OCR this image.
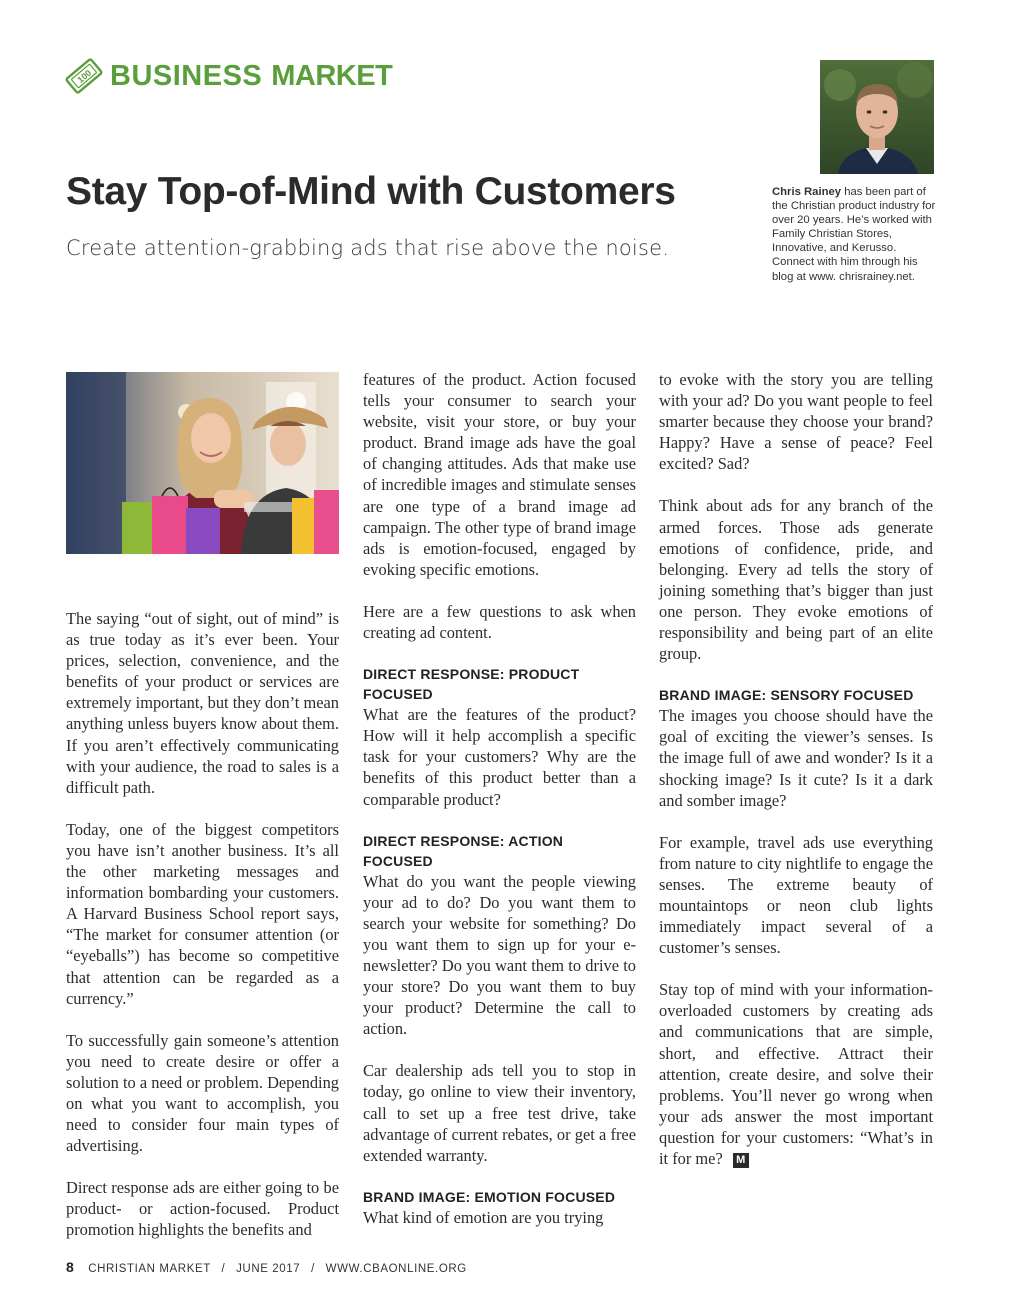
100 BUSINESS MARKET
Stay Top-of-Mind with Customers
Create attention-grabbing ads that rise above the noise.
Chris Rainey has been part of the Christian product industry for over 20 years. He’s worked with Family Christian Stores, Innovative, and Kerusso. Connect with him through his blog at www. chrisrainey.net.

The saying “out of sight, out of mind” is as true today as it’s ever been. Your prices, selection, convenience, and the benefits of your product or services are extremely important, but they don’t mean anything unless buyers know about them. If you aren’t effectively communicating with your audience, the road to sales is a difficult path.

Today, one of the biggest competitors you have isn’t another business. It’s all the other marketing messages and information bombarding your customers. A Harvard Business School report says, “The market for consumer attention (or “eyeballs”) has become so competitive that attention can be regarded as a currency.”

To successfully gain someone’s attention you need to create desire or offer a solution to a need or problem. Depending on what you want to accomplish, you need to consider four main types of advertising.

Direct response ads are either going to be product- or action-focused. Product promotion highlights the benefits and

features of the product. Action focused tells your consumer to search your website, visit your store, or buy your product. Brand image ads have the goal of changing attitudes. Ads that make use of incredible images and stimulate senses are one type of a brand image ad campaign. The other type of brand image ads is emotion-focused, engaged by evoking specific emotions.

Here are a few questions to ask when creating ad content.

DIRECT RESPONSE: PRODUCT FOCUSED

What are the features of the product? How will it help accomplish a specific task for your customers? Why are the benefits of this product better than a comparable product?

DIRECT RESPONSE: ACTION FOCUSED

What do you want the people viewing your ad to do? Do you want them to search your website for something? Do you want them to sign up for your e-newsletter? Do you want them to drive to your store? Do you want them to buy your product? Determine the call to action.

Car dealership ads tell you to stop in today, go online to view their inventory, call to set up a free test drive, take advantage of current rebates, or get a free extended warranty.

BRAND IMAGE: EMOTION FOCUSED

What kind of emotion are you trying

to evoke with the story you are telling with your ad? Do you want people to feel smarter because they choose your brand? Happy? Have a sense of peace? Feel excited? Sad?

Think about ads for any branch of the armed forces. Those ads generate emotions of confidence, pride, and belonging. Every ad tells the story of joining something that’s bigger than just one person. They evoke emotions of responsibility and being part of an elite group.

BRAND IMAGE: SENSORY FOCUSED

The images you choose should have the goal of exciting the viewer’s senses. Is the image full of awe and wonder? Is it a shocking image? Is it cute? Is it a dark and somber image?

For example, travel ads use everything from nature to city nightlife to engage the senses. The extreme beauty of mountaintops or neon club lights immediately impact several of a customer’s senses.

Stay top of mind with your information-overloaded customers by creating ads and communications that are simple, short, and effective. Attract their attention, create desire, and solve their problems. You’ll never go wrong when your ads answer the most important question for your customers: “What’s in it for me? M

8 CHRISTIAN MARKET / JUNE 2017 / WWW.CBAONLINE.ORG
